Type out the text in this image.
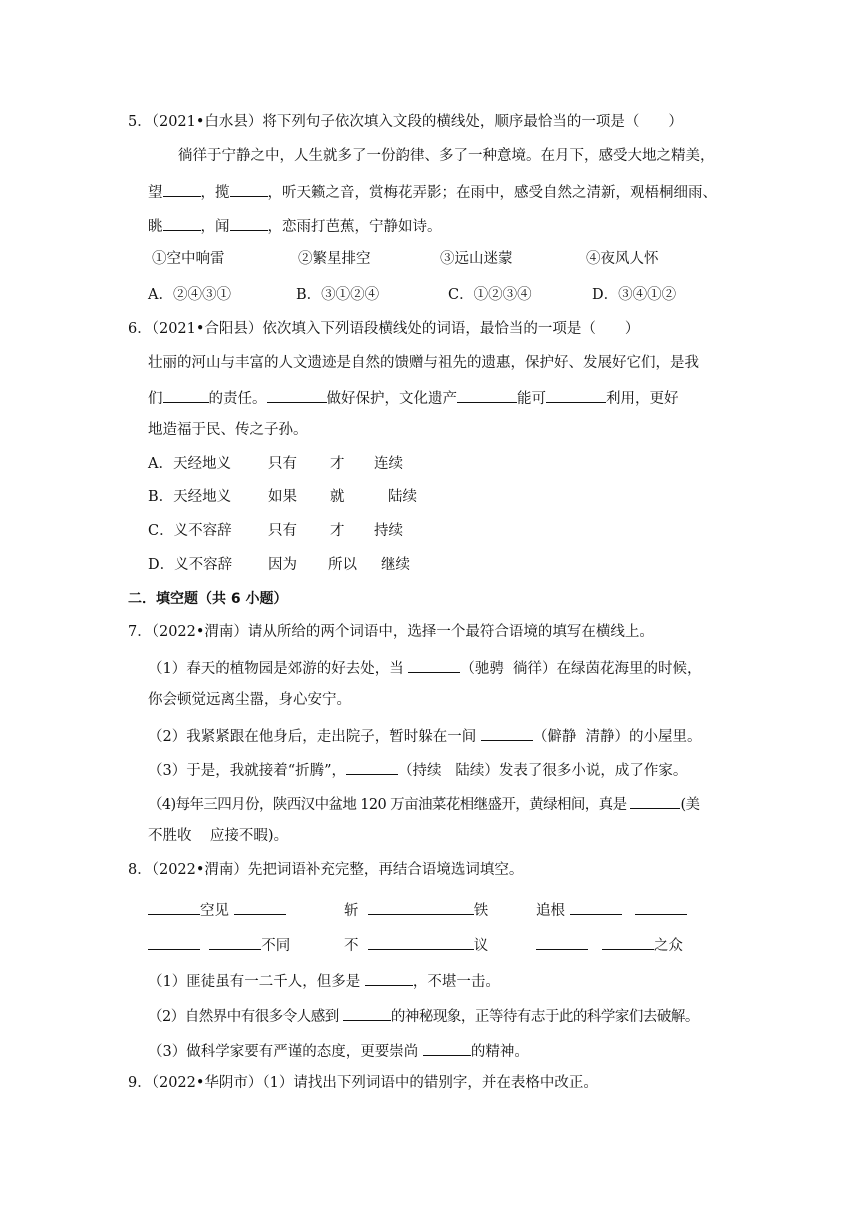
5．（2021•白水县）将下列句子依次填入文段的横线处，顺序最恰当的一项是（　　）
徜徉于宁静之中，人生就多了一份韵律、多了一种意境。在月下，感受大地之精美，
望	，揽	，听天籁之音，赏梅花弄影；在雨中，感受自然之清新，观梧桐细雨、
眺	，闻	，恋雨打芭蕉，宁静如诗。
①空中响雷	②繁星排空	③远山迷蒙	④夜风人怀
A．②④③①	B．③①②④	C．①②③④	D．③④①②
6．（2021•合阳县）依次填入下列语段横线处的词语，最恰当的一项是（　　）
壮丽的河山与丰富的人文遗迹是自然的馈赠与祖先的遗惠，保护好、发展好它们，是我
们	的责任。	做好保护，文化遗产	能可	利用，更好
地造福于民、传之子孙。
A．天经地义	只有 才 连续
B．天经地义	如果 就	陆续
C．义不容辞	只有 才 持续
D．义不容辞 因为 所以 继续
二．填空题（共 6 小题）
7．（2022•渭南）请从所给的两个词语中，选择一个最符合语境的填写在横线上。
（1）春天的植物园是郊游的好去处，当	（驰骋  徜徉）在绿茵花海里的时候，
你会顿觉远离尘嚣，身心安宁。
（2）我紧紧跟在他身后，走出院子，暂时躲在一间	（僻静  清静）的小屋里。
（3）于是，我就接着“折腾”，	（持续   陆续）发表了很多小说，成了作家。
（4)每年三四月份，陕西汉中盆地 120 万亩油菜花相继盛开，黄绿相间，真是	(美
不胜收    应接不暇)。
8．（2022•渭南）先把词语补充完整，再结合语境选词填空。
空见	斩	铁	追根
不同	不	议	之众
（1）匪徒虽有一二千人，但多是	，不堪一击。
（2）自然界中有很多令人感到	的神秘现象，正等待有志于此的科学家们去破解。
（3）做科学家要有严谨的态度，更要崇尚	的精神。
9．（2022•华阴市）（1）请找出下列词语中的错别字，并在表格中改正。
